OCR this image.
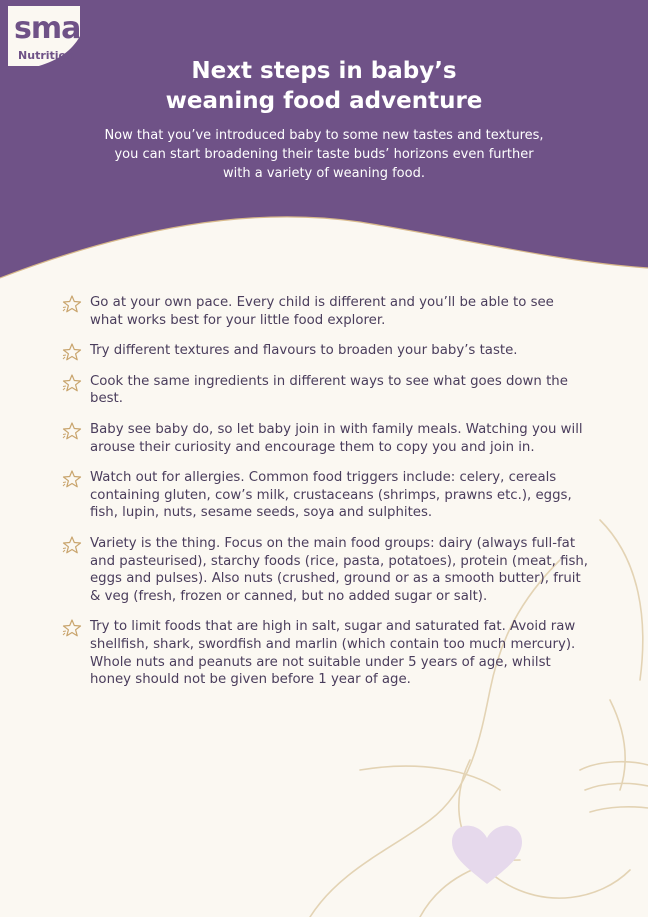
sma
Nutrition
Next steps in baby’s
weaning food adventure

Now that you’ve introduced baby to some new tastes and textures, you can start broadening their taste buds’ horizons even further with a variety of weaning food.

Go at your own pace. Every child is different and you’ll be able to see what works best for your little food explorer.
Try different textures and flavours to broaden your baby’s taste.
Cook the same ingredients in different ways to see what goes down the best.
Baby see baby do, so let baby join in with family meals. Watching you will arouse their curiosity and encourage them to copy you and join in.
Watch out for allergies. Common food triggers include: celery, cereals containing gluten, cow’s milk, crustaceans (shrimps, prawns etc.), eggs, fish, lupin, nuts, sesame seeds, soya and sulphites.
Variety is the thing. Focus on the main food groups: dairy (always full-fat and pasteurised), starchy foods (rice, pasta, potatoes), protein (meat, fish, eggs and pulses). Also nuts (crushed, ground or as a smooth butter), fruit & veg (fresh, frozen or canned, but no added sugar or salt).
Try to limit foods that are high in salt, sugar and saturated fat. Avoid raw shellfish, shark, swordfish and marlin (which contain too much mercury). Whole nuts and peanuts are not suitable under 5 years of age, whilst honey should not be given before 1 year of age.
